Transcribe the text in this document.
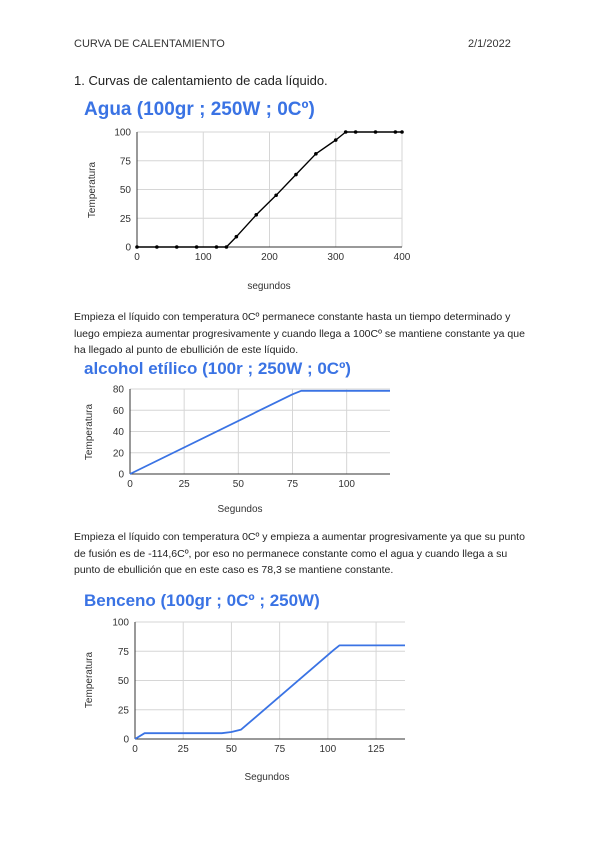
CURVA DE CALENTAMIENTO	2/1/2022
1. Curvas de calentamiento de cada líquido.
Agua (100gr ; 250W ; 0Cº)
0
25
50
75
100
0	100	200	300	400
Temperatura
segundos
Empieza el líquido con temperatura 0Cº permanece constante hasta un tiempo determinado y luego empieza aumentar progresivamente y cuando llega a 100Cº se mantiene constante ya que ha llegado al punto de ebullición de este líquido.
alcohol etílico (100r ; 250W ; 0Cº)
0
20
40
60
80
0	25	50	75	100
Temperatura
Segundos
Empieza el líquido con temperatura 0Cº y empieza a aumentar progresivamente ya que su punto de fusión es de -114,6Cº, por eso no permanece constante como el agua y cuando llega a su punto de ebullición que en este caso es 78,3 se mantiene constante.
Benceno (100gr ; 0Cº ; 250W)
0
25
50
75
100
0	25	50	75	100	125
Temperatura
Segundos
